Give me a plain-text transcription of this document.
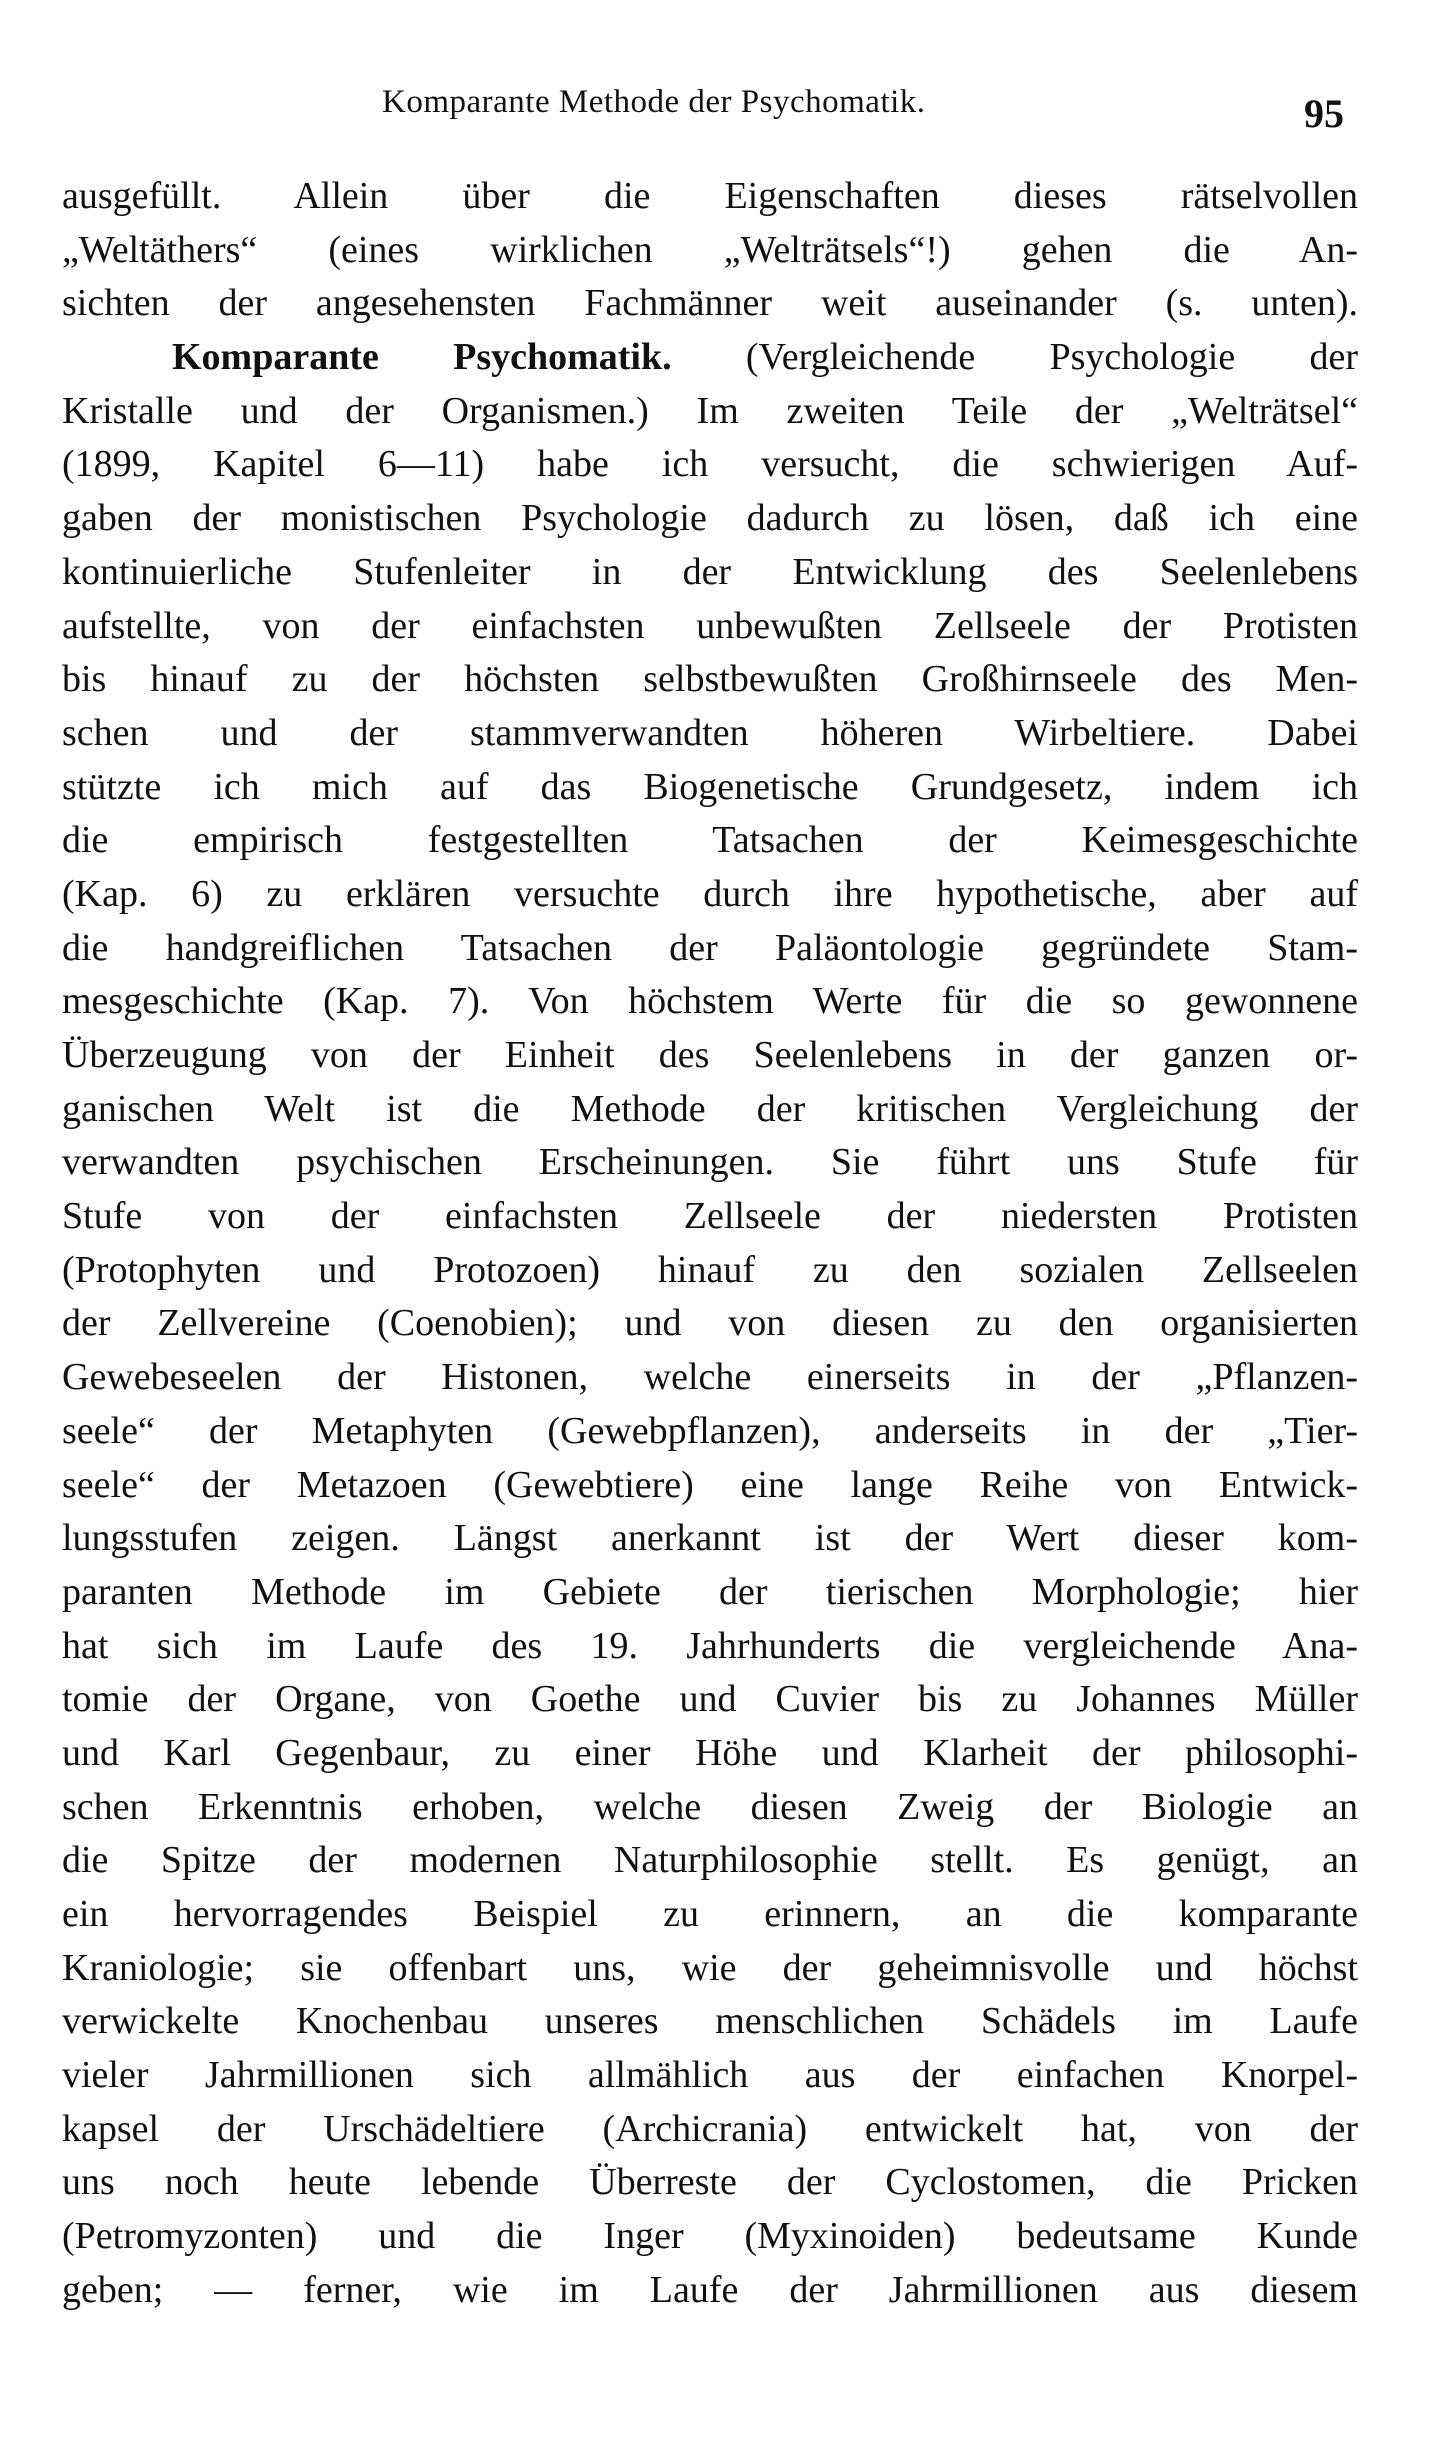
Komparante Methode der Psychomatik.	95
ausgefüllt. Allein über die Eigenschaften dieses rätselvollen
„Weltäthers“ (eines wirklichen „Welträtsels“!) gehen die An-
sichten der angesehensten Fachmänner weit auseinander (s. unten).
Komparante Psychomatik. (Vergleichende Psychologie der
Kristalle und der Organismen.) Im zweiten Teile der „Welträtsel“
(1899, Kapitel 6—11) habe ich versucht, die schwierigen Auf-
gaben der monistischen Psychologie dadurch zu lösen, daß ich eine
kontinuierliche Stufenleiter in der Entwicklung des Seelenlebens
aufstellte, von der einfachsten unbewußten Zellseele der Protisten
bis hinauf zu der höchsten selbstbewußten Großhirnseele des Men-
schen und der stammverwandten höheren Wirbeltiere. Dabei
stützte ich mich auf das Biogenetische Grundgesetz, indem ich
die empirisch festgestellten Tatsachen der Keimesgeschichte
(Kap. 6) zu erklären versuchte durch ihre hypothetische, aber auf
die handgreiflichen Tatsachen der Paläontologie gegründete Stam-
mesgeschichte (Kap. 7). Von höchstem Werte für die so gewonnene
Überzeugung von der Einheit des Seelenlebens in der ganzen or-
ganischen Welt ist die Methode der kritischen Vergleichung der
verwandten psychischen Erscheinungen. Sie führt uns Stufe für
Stufe von der einfachsten Zellseele der niedersten Protisten
(Protophyten und Protozoen) hinauf zu den sozialen Zellseelen
der Zellvereine (Coenobien); und von diesen zu den organisierten
Gewebeseelen der Histonen, welche einerseits in der „Pflanzen-
seele“ der Metaphyten (Gewebpflanzen), anderseits in der „Tier-
seele“ der Metazoen (Gewebtiere) eine lange Reihe von Entwick-
lungsstufen zeigen. Längst anerkannt ist der Wert dieser kom-
paranten Methode im Gebiete der tierischen Morphologie; hier
hat sich im Laufe des 19. Jahrhunderts die vergleichende Ana-
tomie der Organe, von Goethe und Cuvier bis zu Johannes Müller
und Karl Gegenbaur, zu einer Höhe und Klarheit der philosophi-
schen Erkenntnis erhoben, welche diesen Zweig der Biologie an
die Spitze der modernen Naturphilosophie stellt. Es genügt, an
ein hervorragendes Beispiel zu erinnern, an die komparante
Kraniologie; sie offenbart uns, wie der geheimnisvolle und höchst
verwickelte Knochenbau unseres menschlichen Schädels im Laufe
vieler Jahrmillionen sich allmählich aus der einfachen Knorpel-
kapsel der Urschädeltiere (Archicrania) entwickelt hat, von der
uns noch heute lebende Überreste der Cyclostomen, die Pricken
(Petromyzonten) und die Inger (Myxinoiden) bedeutsame Kunde
geben; — ferner, wie im Laufe der Jahrmillionen aus diesem
